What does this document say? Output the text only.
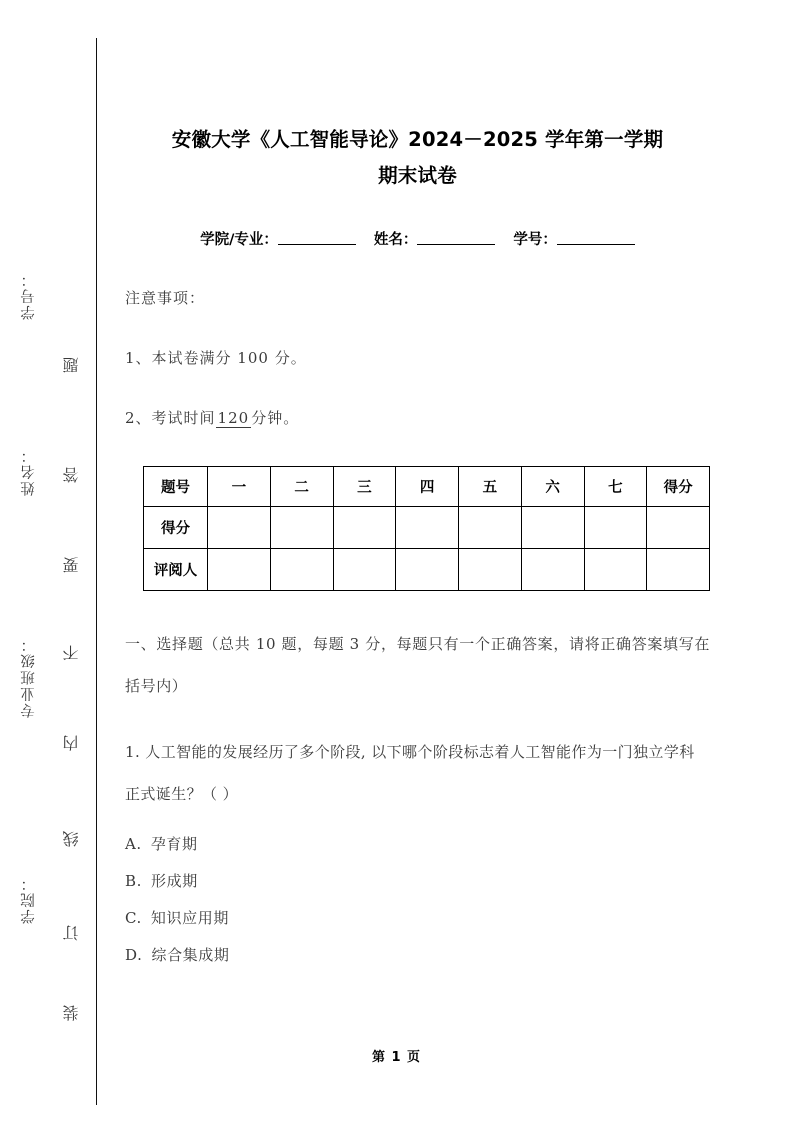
学号：
姓名：
专业班级：
学院：
题
答
要
不
内
线
订
装
安徽大学《人工智能导论》2024－2025 学年第一学期
期末试卷
学院/专业：	姓名：	学号：
注意事项：
1、本试卷满分 100 分。
2、考试时间 120 分钟。
题号	一	二	三	四	五	六	七	得分
得分								
评阅人								
一、选择题（总共 10 题，每题 3 分，每题只有一个正确答案，请将正确答案填写在括号内）
1. 人工智能的发展经历了多个阶段, 以下哪个阶段标志着人工智能作为一门独立学科正式诞生？（ ）
A. 孕育期
B. 形成期
C. 知识应用期
D. 综合集成期
第 1 页
